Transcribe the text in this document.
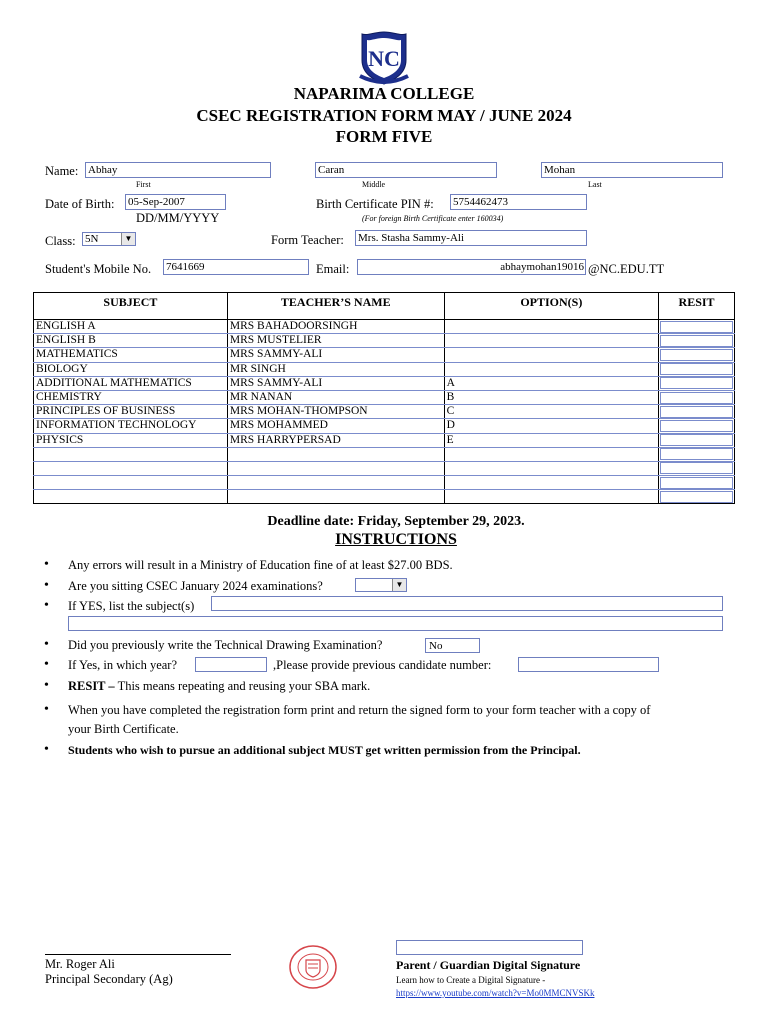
NC
NAPARIMA COLLEGE
CSEC REGISTRATION FORM MAY / JUNE 2024
FORM FIVE
Name: Abhay
First
Caran
Middle
Mohan
Last
Date of Birth: 05-Sep-2007
DD/MM/YYYY
Birth Certificate PIN #: 5754462473
(For foreign Birth Certificate enter 160034)
Class: 5N	▼	Form Teacher: Mrs. Stasha Sammy-Ali
Student's Mobile No. 7641669	Email:	abhaymohan19016 @NC.EDU.TT
SUBJECT	TEACHER’S NAME	OPTION(S)	RESIT
ENGLISH A	MRS BAHADOORSINGH		

ENGLISH B	MRS MUSTELIER		

MATHEMATICS	MRS SAMMY-ALI		

BIOLOGY	MR SINGH		

ADDITIONAL MATHEMATICS	MRS SAMMY-ALI	A	

CHEMISTRY	MR NANAN	B	

PRINCIPLES OF BUSINESS	MRS MOHAN-THOMPSON	C	

INFORMATION TECHNOLOGY	MRS MOHAMMED	D	

PHYSICS	MRS HARRYPERSAD	E	

Deadline date: Friday, September 29, 2023.
INSTRUCTIONS
• Any errors will result in a Ministry of Education fine of at least $27.00 BDS.
• Are you sitting CSEC January 2024 examinations?	▼
• If YES, list the subject(s)
• Did you previously write the Technical Drawing Examination?	No
• If Yes, in which year?	,Please provide previous candidate number:
• RESIT – This means repeating and reusing your SBA mark.
• When you have completed the registration form print and return the signed form to your form teacher with a copy of
your Birth Certificate.
• Students who wish to pursue an additional subject MUST get written permission from the Principal.
Mr. Roger Ali
Principal Secondary (Ag)
Parent / Guardian Digital Signature
Learn how to Create a Digital Signature -
https://www.youtube.com/watch?v=Mo0MMCNVSKk
